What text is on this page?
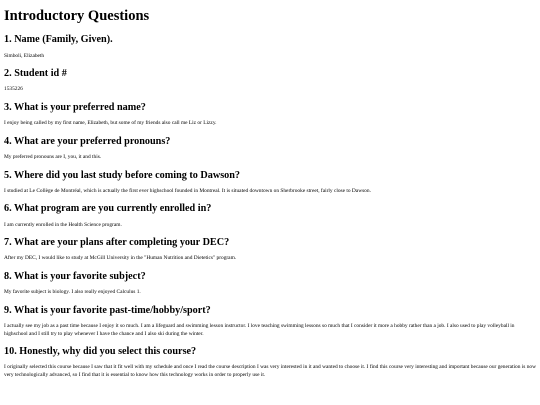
Introductory Questions
1. Name (Family, Given).

Simboli, Elizabeth

2. Student id #

1535226

3. What is your preferred name?

I enjoy being called by my first name, Elizabeth, but some of my friends also call me Liz or Lizzy.

4. What are your preferred pronouns?

My preferred pronouns are I, you, it and this.

5. Where did you last study before coming to Dawson?

I studied at Le Collège de Montréal, which is actually the first ever highschool founded in Montreal. It is situated downtown on Sherbrooke street, fairly close to Dawson.

6. What program are you currently enrolled in?

I am currently enrolled in the Health Science program.

7. What are your plans after completing your DEC?

After my DEC, I would like to study at McGill University in the "Human Nutrition and Dietetics" program.

8. What is your favorite subject?

My favorite subject is biology. I also really enjoyed Calculus 1.

9. What is your favorite past-time/hobby/sport?

I actually see my job as a past time because I enjoy it so much. I am a lifeguard and swimming lesson instructor. I love teaching swimming lessons so much that I consider it more a hobby rather than a job. I also used to play volleyball in highschool and I still try to play whenever I have the chance and I also ski during the winter.

10. Honestly, why did you select this course?

I originally selected this course because I saw that it fit well with my schedule and once I read the course description I was very interested in it and wanted to choose it. I find this course very interesting and important because our generation is now very technologically advanced, so I find that it is essential to know how this technology works in order to properly use it.
